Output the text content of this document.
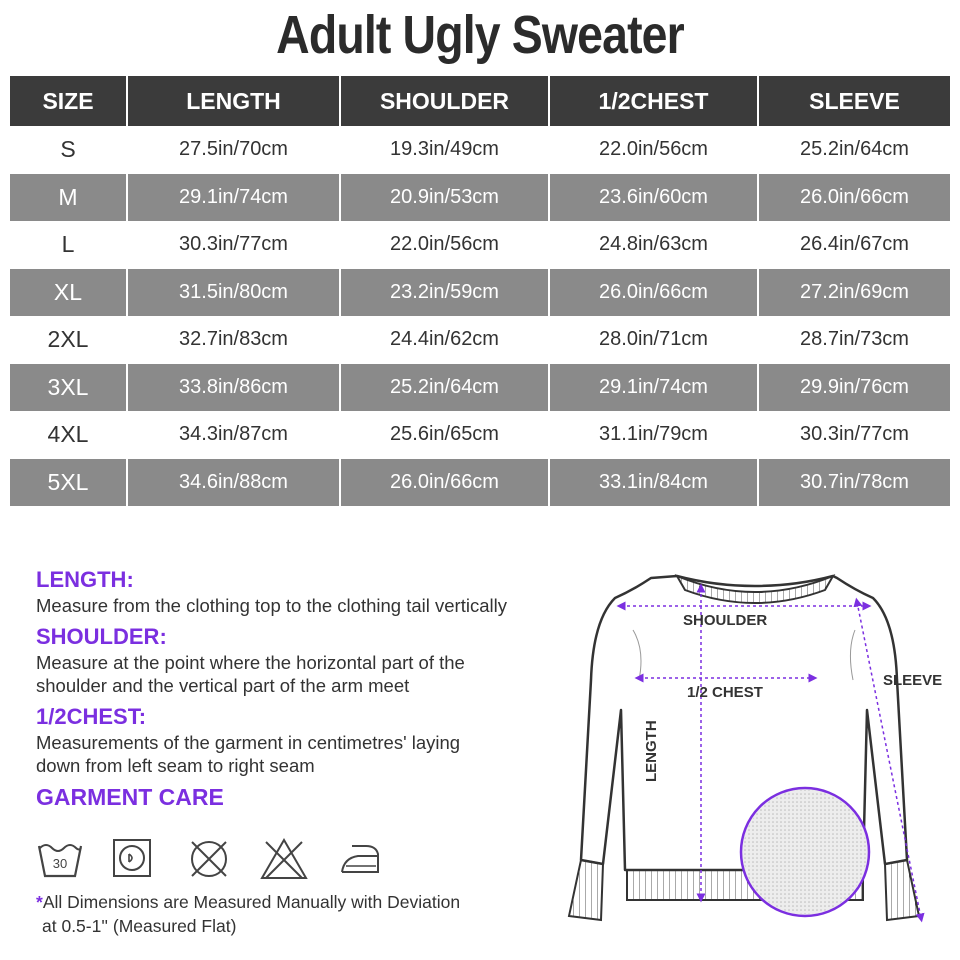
Adult Ugly Sweater
SIZE	LENGTH	SHOULDER	1/2CHEST	SLEEVE
S	27.5in/70cm	19.3in/49cm	22.0in/56cm	25.2in/64cm
M	29.1in/74cm	20.9in/53cm	23.6in/60cm	26.0in/66cm
L	30.3in/77cm	22.0in/56cm	24.8in/63cm	26.4in/67cm
XL	31.5in/80cm	23.2in/59cm	26.0in/66cm	27.2in/69cm
2XL	32.7in/83cm	24.4in/62cm	28.0in/71cm	28.7in/73cm
3XL	33.8in/86cm	25.2in/64cm	29.1in/74cm	29.9in/76cm
4XL	34.3in/87cm	25.6in/65cm	31.1in/79cm	30.3in/77cm
5XL	34.6in/88cm	26.0in/66cm	33.1in/84cm	30.7in/78cm
LENGTH:
Measure from the clothing top to the clothing tail vertically
SHOULDER:
Measure at the point where the horizontal part of the
shoulder and the vertical part of the arm meet
1/2CHEST:
Measurements of the garment in centimetres' laying
down from left seam to right seam
GARMENT CARE
30
*All Dimensions are Measured Manually with Deviation
at 0.5-1'' (Measured Flat)
SHOULDER
1/2 CHEST
SLEEVE
LENGTH
